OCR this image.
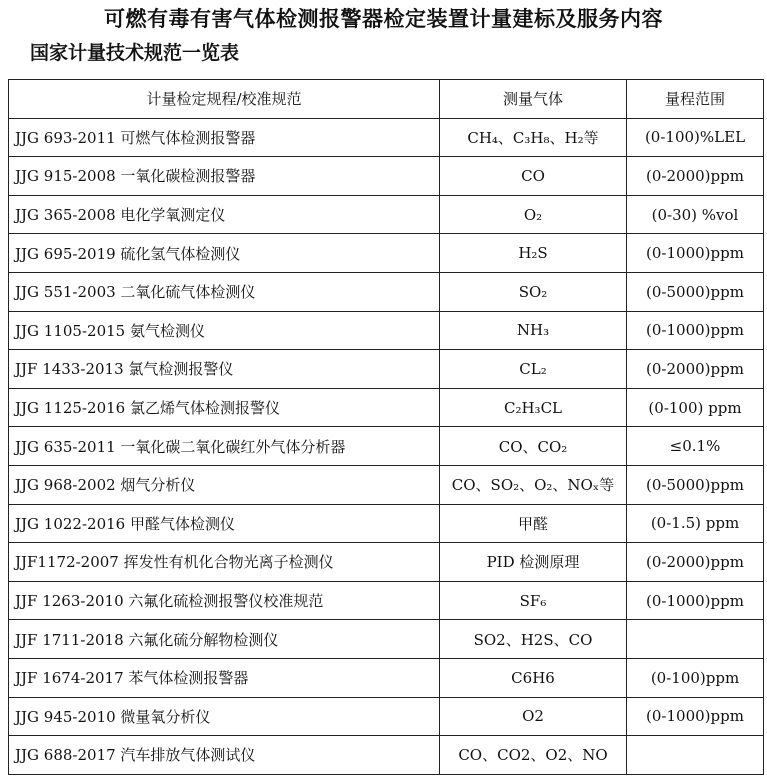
可燃有毒有害气体检测报警器检定装置计量建标及服务内容
国家计量技术规范一览表
计量检定规程/校准规范	测量气体	量程范围
JJG 693-2011 可燃气体检测报警器	CH₄、C₃H₈、H₂等	(0-100)%LEL
JJG 915-2008 一氧化碳检测报警器	CO	(0-2000)ppm
JJG 365-2008 电化学氧测定仪	O₂	(0-30) %vol
JJG 695-2019 硫化氢气体检测仪	H₂S	(0-1000)ppm
JJG 551-2003 二氧化硫气体检测仪	SO₂	(0-5000)ppm
JJG 1105-2015 氨气检测仪	NH₃	(0-1000)ppm
JJF 1433-2013 氯气检测报警仪	CL₂	(0-2000)ppm
JJG 1125-2016 氯乙烯气体检测报警仪	C₂H₃CL	(0-100) ppm
JJG 635-2011 一氧化碳二氧化碳红外气体分析器	CO、CO₂	≤0.1%
JJG 968-2002 烟气分析仪	CO、SO₂、O₂、NOₓ等	(0-5000)ppm
JJG 1022-2016 甲醛气体检测仪	甲醛	(0-1.5) ppm
JJF1172-2007 挥发性有机化合物光离子检测仪	PID 检测原理	(0-2000)ppm
JJF 1263-2010 六氟化硫检测报警仪校准规范	SF₆	(0-1000)ppm
JJF 1711-2018 六氟化硫分解物检测仪	SO2、H2S、CO	
JJF 1674-2017 苯气体检测报警器	C6H6	(0-100)ppm
JJG 945-2010 微量氧分析仪	O2	(0-1000)ppm
JJG 688-2017 汽车排放气体测试仪	CO、CO2、O2、NO	
